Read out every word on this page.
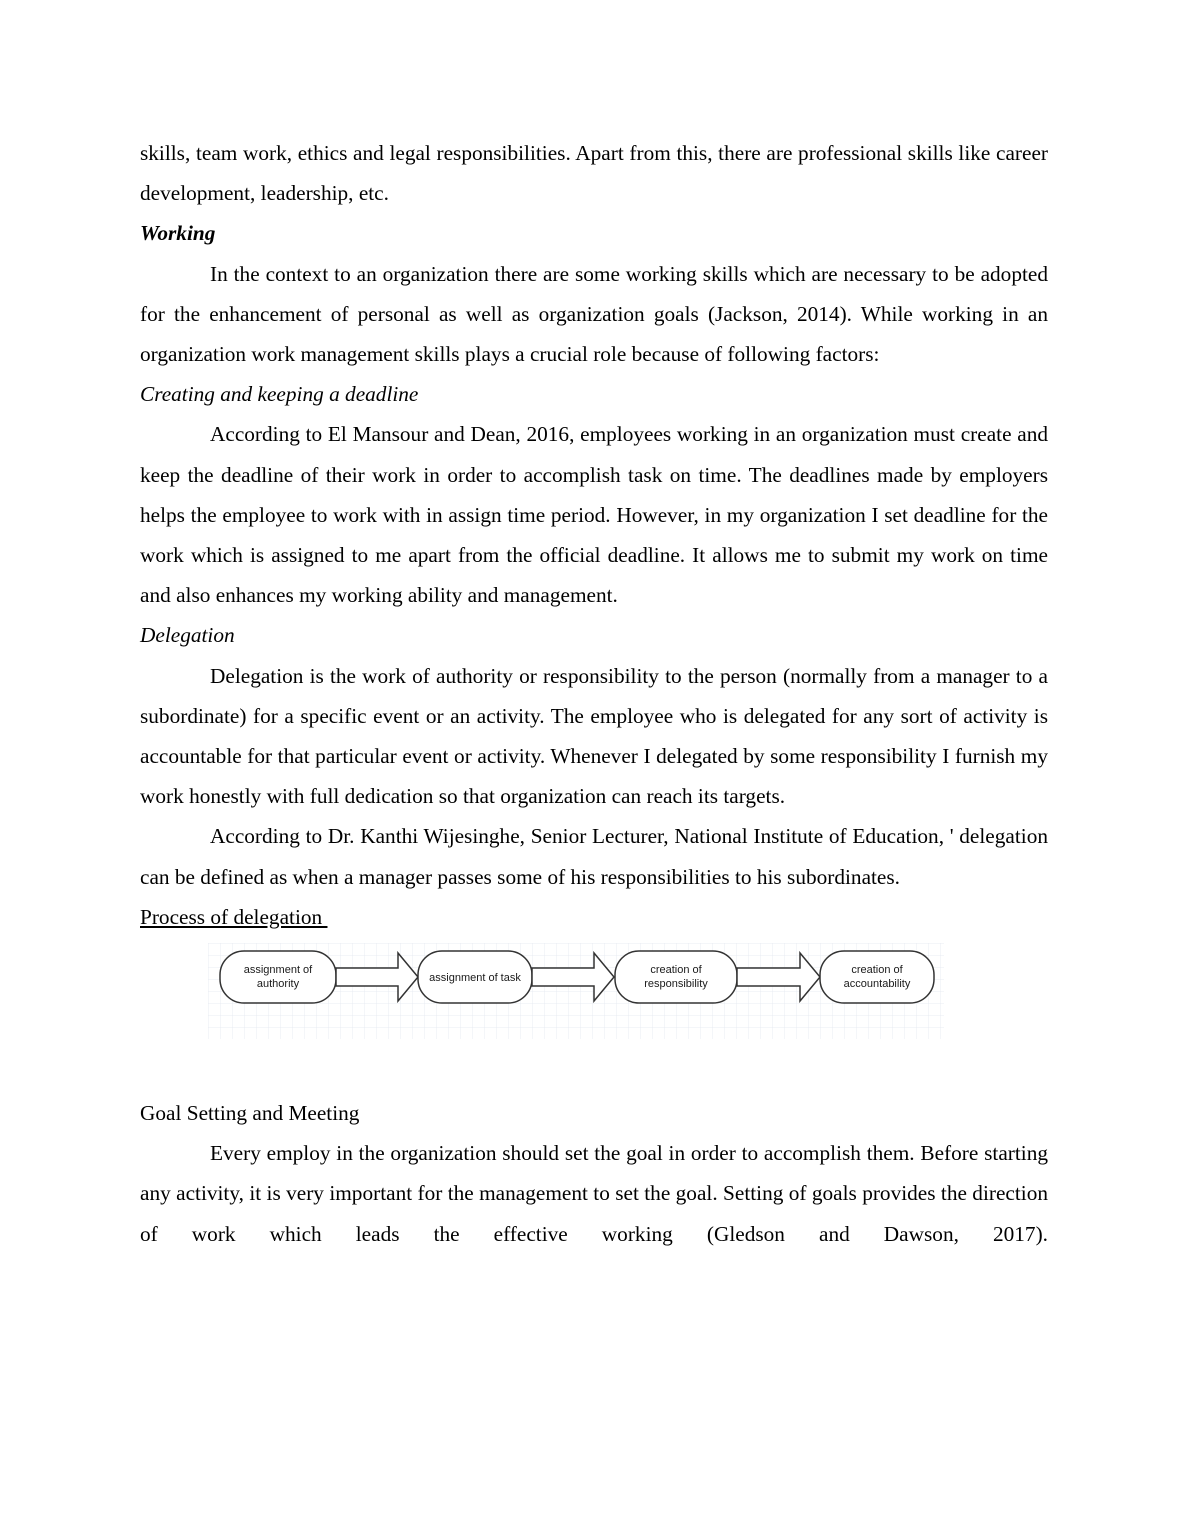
skills, team work, ethics and legal responsibilities. Apart from this, there are professional skills like career development, leadership, etc.

Working

In the context to an organization there are some working skills which are necessary to be adopted for the enhancement of personal as well as organization goals (Jackson, 2014). While working in an organization work management skills plays a crucial role because of following factors:

Creating and keeping a deadline

According to El Mansour and Dean, 2016, employees working in an organization must create and keep the deadline of their work in order to accomplish task on time. The deadlines made by employers helps the employee to work with in assign time period. However, in my organization I set deadline for the work which is assigned to me apart from the official deadline. It allows me to submit my work on time and also enhances my working ability and management.

Delegation

Delegation is the work of authority or responsibility to the person (normally from a manager to a subordinate) for a specific event or an activity. The employee who is delegated for any sort of activity is accountable for that particular event or activity. Whenever I delegated by some responsibility I furnish my work honestly with full dedication so that organization can reach its targets.

According to Dr. Kanthi Wijesinghe, Senior Lecturer, National Institute of Education, ' delegation can be defined as when a manager passes some of his responsibilities to his subordinates.

Process of delegation

assignment of
authority	assignment of task
creation of
responsibility
creation of
accountability

Goal Setting and Meeting

Every employ in the organization should set the goal in order to accomplish them. Before starting any activity, it is very important for the management to set the goal. Setting of goals provides the direction of work which leads the effective working (Gledson and Dawson, 2017).
